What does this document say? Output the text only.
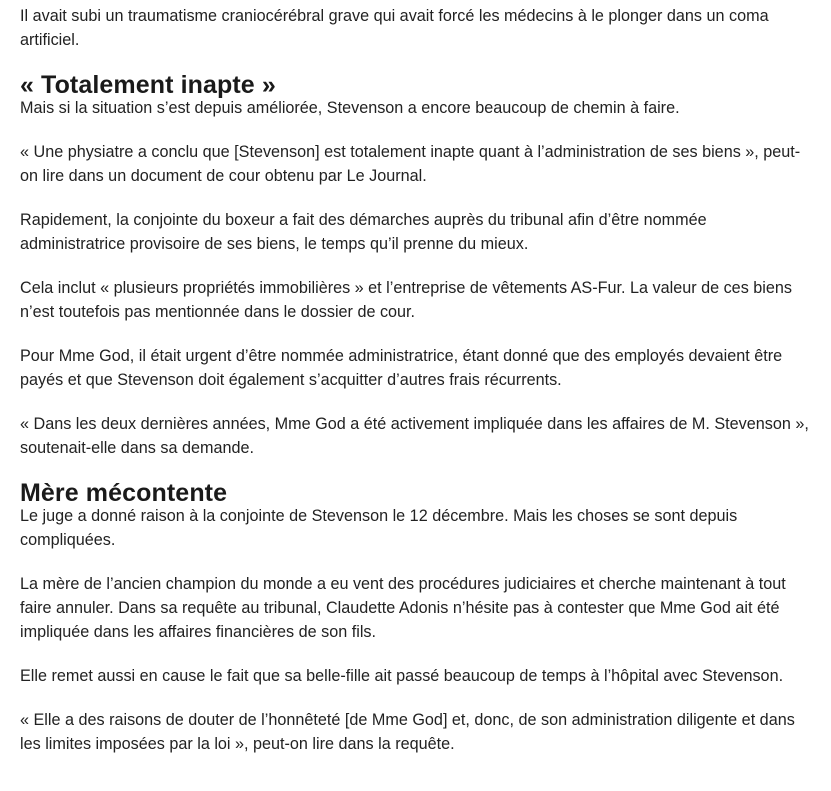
Il avait subi un traumatisme craniocérébral grave qui avait forcé les médecins à le plonger dans un coma artificiel.

« Totalement inapte »

Mais si la situation s’est depuis améliorée, Stevenson a encore beaucoup de chemin à faire.

« Une physiatre a conclu que [Stevenson] est totalement inapte quant à l’administration de ses biens », peut-on lire dans un document de cour obtenu par Le Journal.

Rapidement, la conjointe du boxeur a fait des démarches auprès du tribunal afin d’être nommée administratrice provisoire de ses biens, le temps qu’il prenne du mieux.

Cela inclut « plusieurs propriétés immobilières » et l’entreprise de vêtements AS-Fur. La valeur de ces biens n’est toutefois pas mentionnée dans le dossier de cour.

Pour Mme God, il était urgent d’être nommée administratrice, étant donné que des employés devaient être payés et que Stevenson doit également s’acquitter d’autres frais récurrents.

« Dans les deux dernières années, Mme God a été activement impliquée dans les affaires de M. Stevenson », soutenait-elle dans sa demande.

Mère mécontente

Le juge a donné raison à la conjointe de Stevenson le 12 décembre. Mais les choses se sont depuis compliquées.

La mère de l’ancien champion du monde a eu vent des procédures judiciaires et cherche maintenant à tout faire annuler. Dans sa requête au tribunal, Claudette Adonis n’hésite pas à contester que Mme God ait été impliquée dans les affaires financières de son fils.

Elle remet aussi en cause le fait que sa belle-fille ait passé beaucoup de temps à l’hôpital avec Stevenson.

« Elle a des raisons de douter de l’honnêteté [de Mme God] et, donc, de son administration diligente et dans les limites imposées par la loi », peut-on lire dans la requête.
